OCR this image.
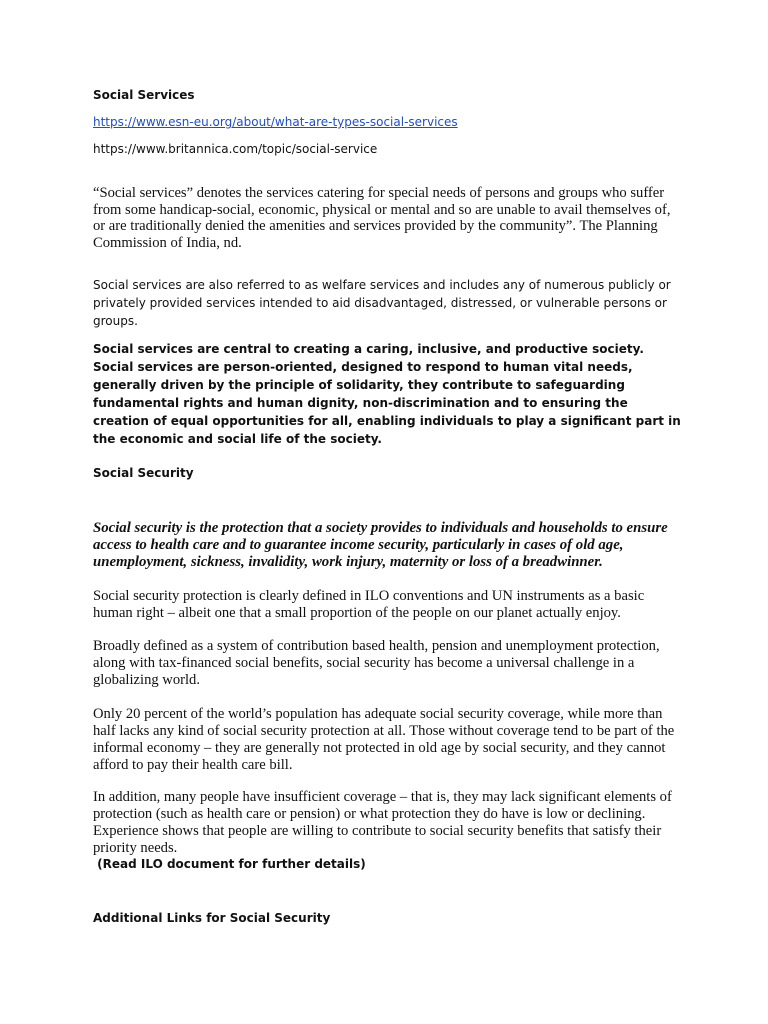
Social Services

https://www.esn-eu.org/about/what-are-types-social-services

https://www.britannica.com/topic/social-service

“Social services” denotes the services catering for special needs of persons and groups who suffer from some handicap-social, economic, physical or mental and so are unable to avail themselves of, or are traditionally denied the amenities and services provided by the community”. The Planning Commission of India, nd.

Social services are also referred to as welfare services and includes any of numerous publicly or privately provided services intended to aid disadvantaged, distressed, or vulnerable persons or groups.

Social services are central to creating a caring, inclusive, and productive society. Social services are person-oriented, designed to respond to human vital needs, generally driven by the principle of solidarity, they contribute to safeguarding fundamental rights and human dignity, non-discrimination and to ensuring the creation of equal opportunities for all, enabling individuals to play a significant part in the economic and social life of the society.

Social Security

Social security is the protection that a society provides to individuals and households to ensure access to health care and to guarantee income security, particularly in cases of old age, unemployment, sickness, invalidity, work injury, maternity or loss of a breadwinner.

Social security protection is clearly defined in ILO conventions and UN instruments as a basic human right – albeit one that a small proportion of the people on our planet actually enjoy.

Broadly defined as a system of contribution based health, pension and unemployment protection, along with tax-financed social benefits, social security has become a universal challenge in a globalizing world.

Only 20 percent of the world’s population has adequate social security coverage, while more than half lacks any kind of social security protection at all. Those without coverage tend to be part of the informal economy – they are generally not protected in old age by social security, and they cannot afford to pay their health care bill.

In addition, many people have insufficient coverage – that is, they may lack significant elements of protection (such as health care or pension) or what protection they do have is low or declining. Experience shows that people are willing to contribute to social security benefits that satisfy their priority needs.

(Read ILO document for further details)

Additional Links for Social Security
